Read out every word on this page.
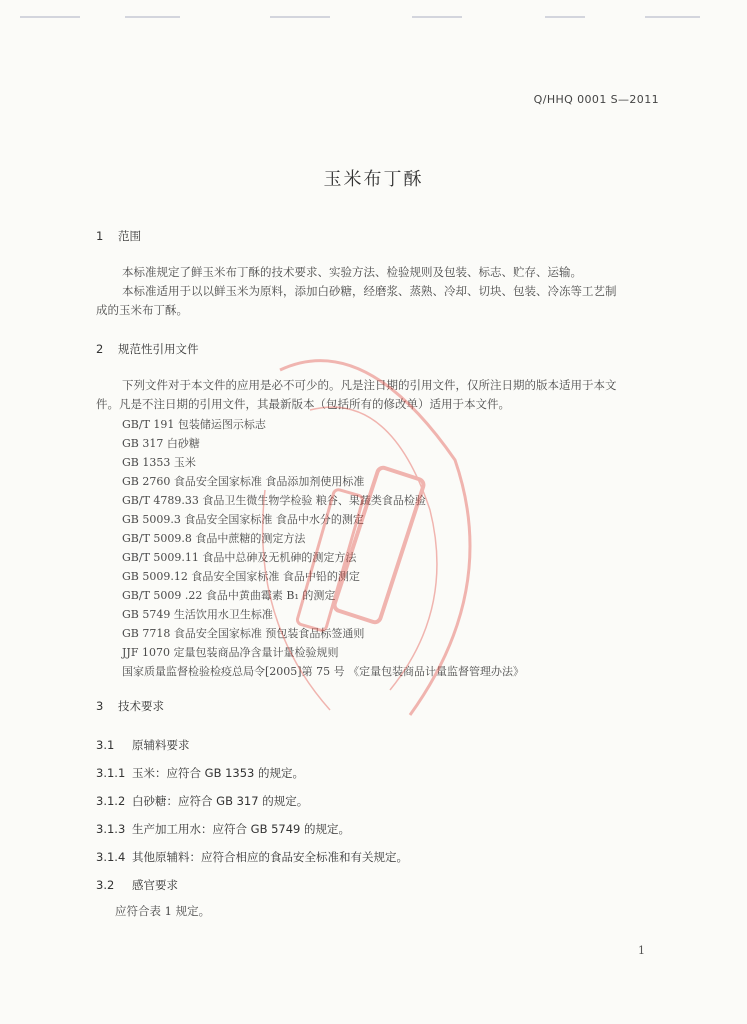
Q/HHQ 0001 S—2011
玉米布丁酥
1 范围
本标准规定了鲜玉米布丁酥的技术要求、实验方法、检验规则及包装、标志、贮存、运输。
本标准适用于以以鲜玉米为原料，添加白砂糖，经磨浆、蒸熟、冷却、切块、包装、冷冻等工艺制
成的玉米布丁酥。
2 规范性引用文件
下列文件对于本文件的应用是必不可少的。凡是注日期的引用文件，仅所注日期的版本适用于本文
件。凡是不注日期的引用文件，其最新版本（包括所有的修改单）适用于本文件。
GB/T 191 包装储运图示标志
GB 317 白砂糖
GB 1353 玉米
GB 2760 食品安全国家标准 食品添加剂使用标准
GB/T 4789.33 食品卫生微生物学检验 粮谷、果蔬类食品检验
GB 5009.3 食品安全国家标准 食品中水分的测定
GB/T 5009.8 食品中蔗糖的测定方法
GB/T 5009.11 食品中总砷及无机砷的测定方法
GB 5009.12 食品安全国家标准 食品中铅的测定
GB/T 5009 .22 食品中黄曲霉素 B₁ 的测定
GB 5749 生活饮用水卫生标准
GB 7718 食品安全国家标准 预包装食品标签通则
JJF 1070 定量包装商品净含量计量检验规则
国家质量监督检验检疫总局令[2005]第 75 号 《定量包装商品计量监督管理办法》
3 技术要求
3.1 原辅料要求
3.1.1 玉米：应符合 GB 1353 的规定。
3.1.2 白砂糖：应符合 GB 317 的规定。
3.1.3 生产加工用水：应符合 GB 5749 的规定。
3.1.4 其他原辅料：应符合相应的食品安全标准和有关规定。
3.2 感官要求
应符合表 1 规定。
1
